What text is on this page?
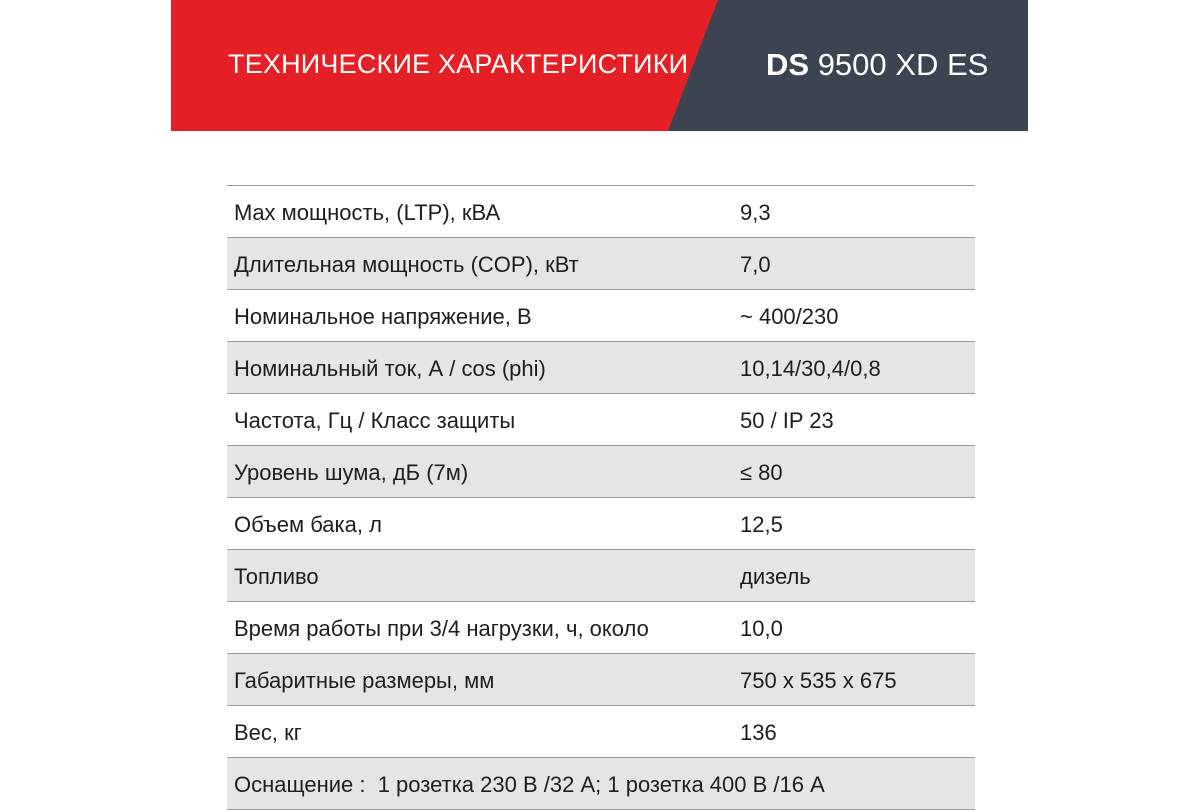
ТЕХНИЧЕСКИЕ ХАРАКТЕРИСТИКИ	DS 9500 XD ES
Max мощность, (LTP), кВА	9,3
Длительная мощность (COP), кВт	7,0
Номинальное напряжение, В	~ 400/230
Номинальный ток, А / cos (phi)	10,14/30,4/0,8
Частота, Гц / Класс защиты	50 / IP 23
Уровень шума, дБ (7м)	≤ 80
Объем бака, л	12,5
Топливо	дизель
Время работы при 3/4 нагрузки, ч, около	10,0
Габаритные размеры, мм	750 x 535 x 675
Вес, кг	136
Оснащение :  1 розетка 230 В /32 А; 1 розетка 400 В /16 А
